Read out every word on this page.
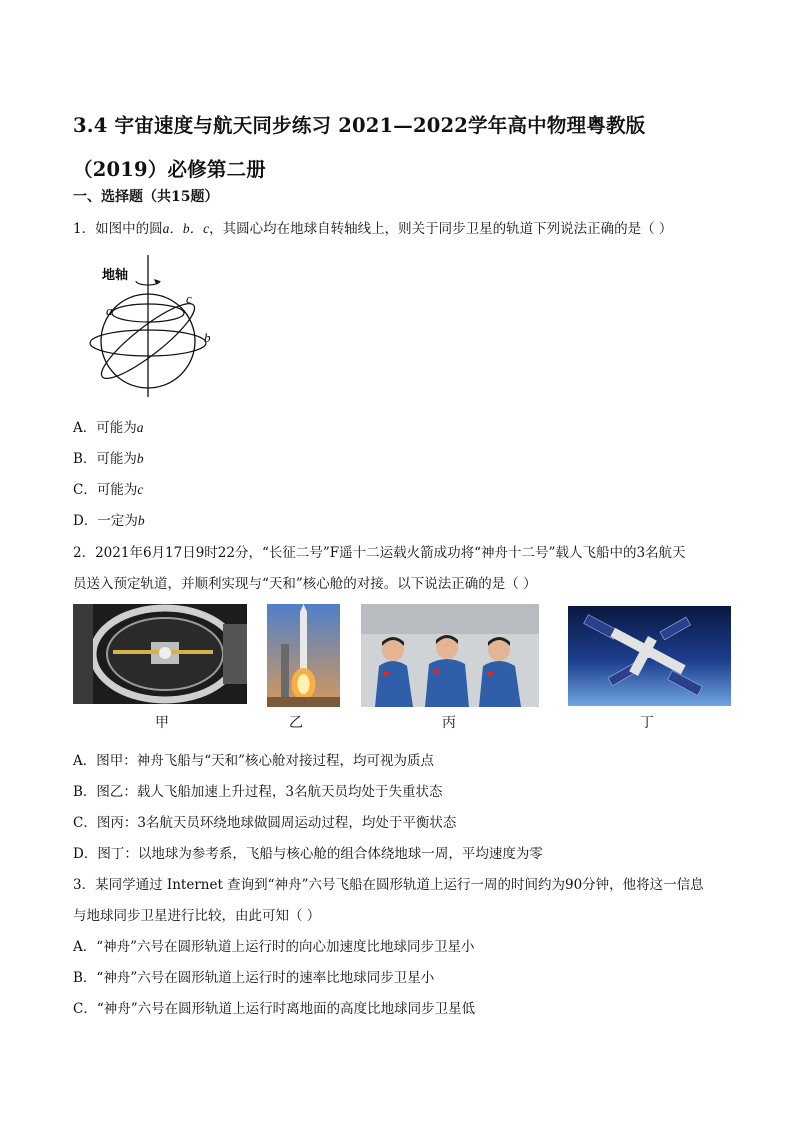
3.4 宇宙速度与航天同步练习 2021—2022学年高中物理粤教版
（2019）必修第二册
一、选择题（共15题）
1．如图中的圆a．b．c，其圆心均在地球自转轴线上，则关于同步卫星的轨道下列说法正确的是（ ）
地轴
a
c
b
A．可能为a
B．可能为b
C．可能为c
D．一定为b
2．2021年6月17日9时22分，“长征二号”F遥十二运载火箭成功将“神舟十二号”载人飞船中的3名航天
员送入预定轨道，并顺利实现与“天和”核心舱的对接。以下说法正确的是（ ）
甲	乙	丙	丁
A．图甲：神舟飞船与“天和”核心舱对接过程，均可视为质点
B．图乙：载人飞船加速上升过程，3名航天员均处于失重状态
C．图丙：3名航天员环绕地球做圆周运动过程，均处于平衡状态
D．图丁：以地球为参考系，飞船与核心舱的组合体绕地球一周，平均速度为零
3．某同学通过 Internet 查询到“神舟”六号飞船在圆形轨道上运行一周的时间约为90分钟，他将这一信息
与地球同步卫星进行比较，由此可知（ ）
A．“神舟”六号在圆形轨道上运行时的向心加速度比地球同步卫星小
B．“神舟”六号在圆形轨道上运行时的速率比地球同步卫星小
C．“神舟”六号在圆形轨道上运行时离地面的高度比地球同步卫星低
